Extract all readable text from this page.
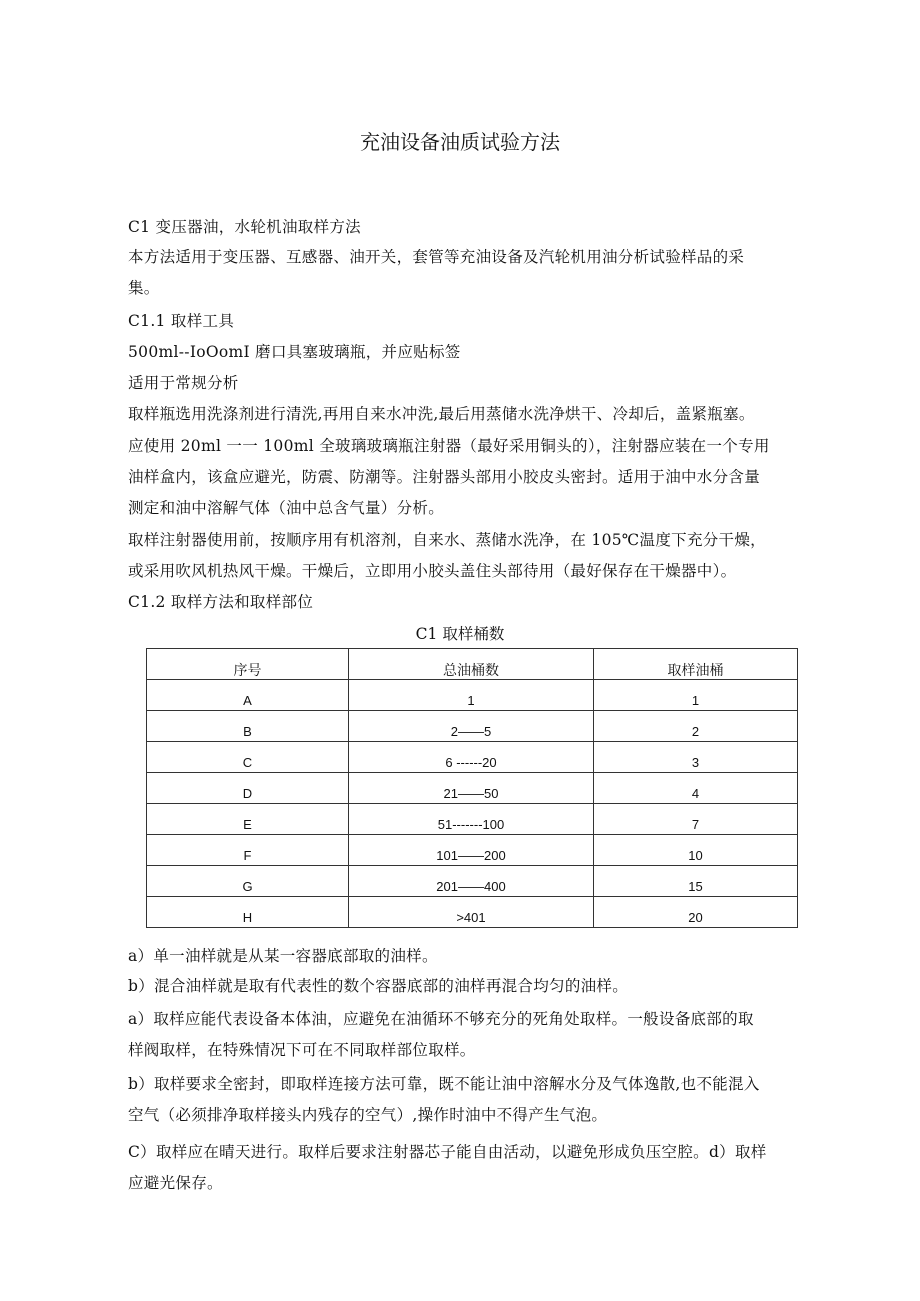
充油设备油质试验方法
C1 变压器油，水轮机油取样方法
本方法适用于变压器、互感器、油开关，套管等充油设备及汽轮机用油分析试验样品的采
集。
C1.1 取样工具
500ml--IoOomI 磨口具塞玻璃瓶，并应贴标签
适用于常规分析
取样瓶选用洗涤剂进行清洗,再用自来水冲洗,最后用蒸储水洗净烘干、冷却后，盖紧瓶塞。
应使用 20ml 一一 100ml 全玻璃玻璃瓶注射器（最好采用铜头的），注射器应装在一个专用
油样盒内，该盒应避光，防震、防潮等。注射器头部用小胶皮头密封。适用于油中水分含量
测定和油中溶解气体（油中总含气量）分析。
取样注射器使用前，按顺序用有机溶剂，自来水、蒸储水洗净，在 105℃温度下充分干燥，
或采用吹风机热风干燥。干燥后，立即用小胶头盖住头部待用（最好保存在干燥器中）。
C1.2 取样方法和取样部位
a）单一油样就是从某一容器底部取的油样。
b）混合油样就是取有代表性的数个容器底部的油样再混合均匀的油样。
a）取样应能代表设备本体油，应避免在油循环不够充分的死角处取样。一般设备底部的取
样阀取样，在特殊情况下可在不同取样部位取样。
b）取样要求全密封，即取样连接方法可靠，既不能让油中溶解水分及气体逸散,也不能混入
空气（必须排净取样接头内残存的空气）,操作时油中不得产生气泡。
C）取样应在晴天进行。取样后要求注射器芯子能自由活动，以避免形成负压空腔。d）取样
应避光保存。
C1 取样桶数
序号	总油桶数	取样油桶
A	1	1
B	2——5	2
C	6 ------20	3
D	21——50	4
E	51-------100	7
F	101——200	10
G	201——400	15
H	>401	20
